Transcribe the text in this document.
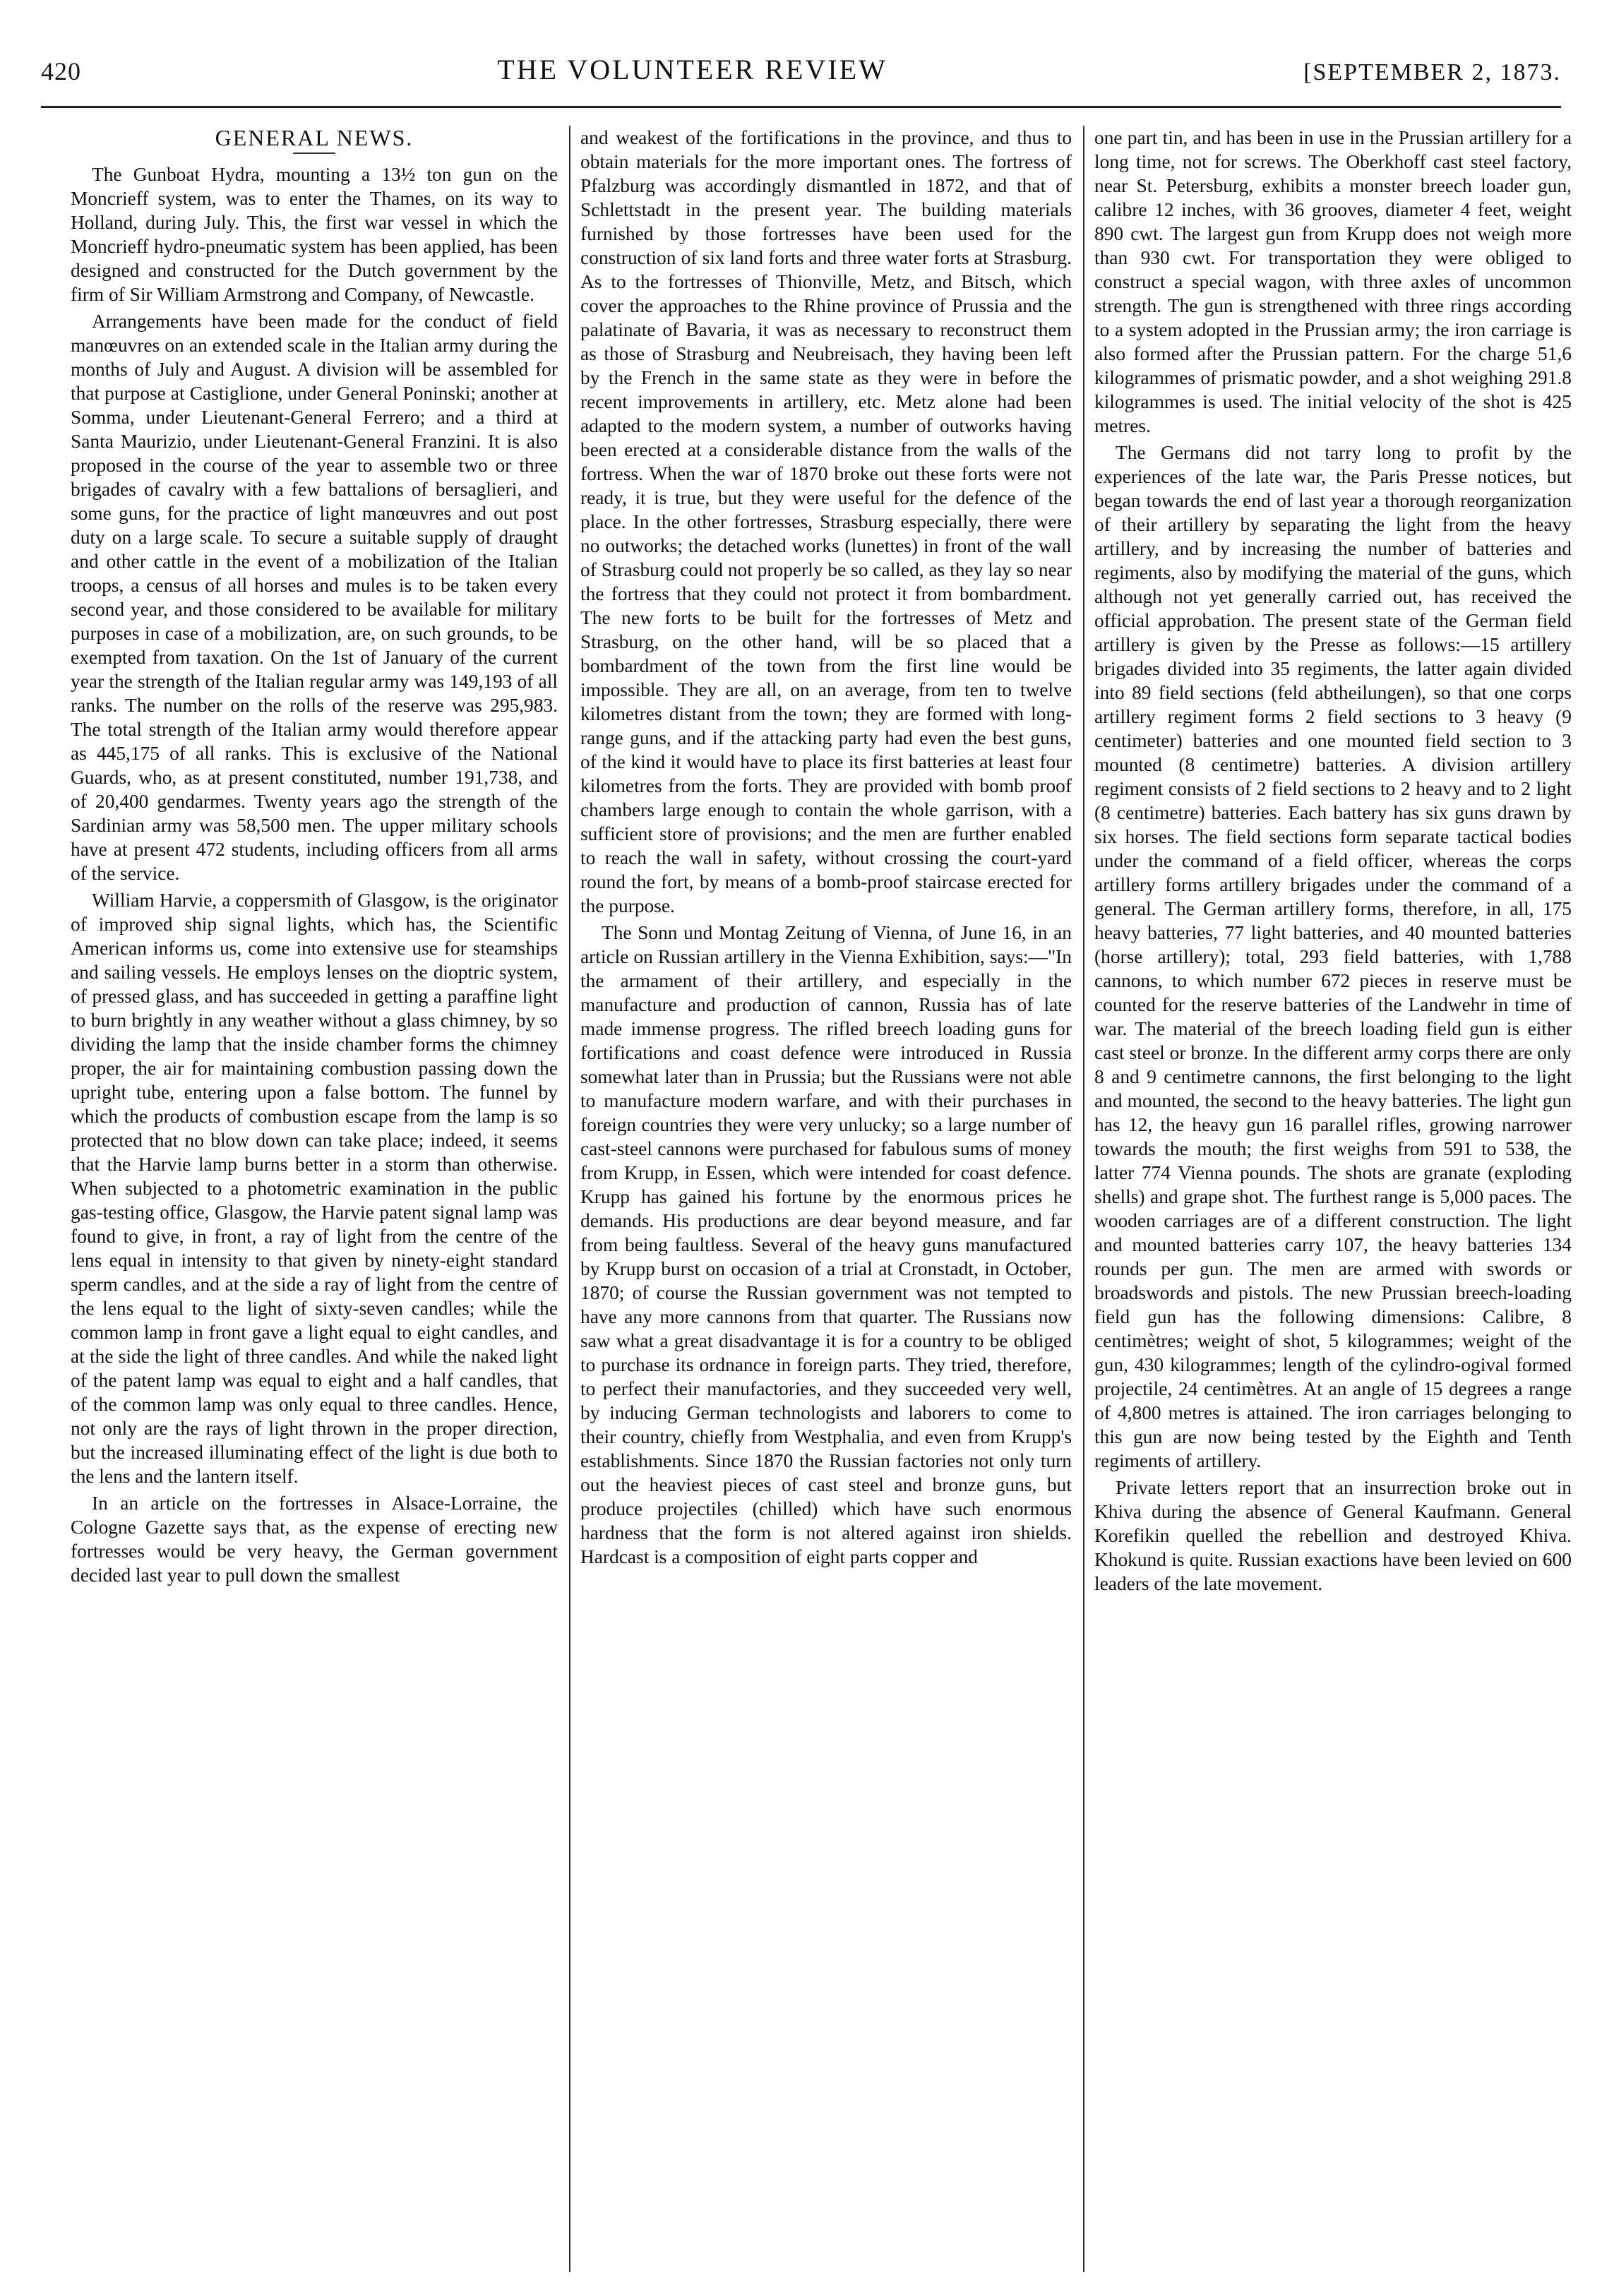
420	THE VOLUNTEER REVIEW	[SEPTEMBER 2, 1873.
GENERAL NEWS.

The Gunboat Hydra, mounting a 13½ ton gun on the Moncrieff system, was to enter the Thames, on its way to Holland, during July. This, the first war vessel in which the Moncrieff hydro-pneumatic system has been applied, has been designed and constructed for the Dutch government by the firm of Sir William Armstrong and Company, of Newcastle.

Arrangements have been made for the conduct of field manœuvres on an extended scale in the Italian army during the months of July and August. A division will be assembled for that purpose at Castiglione, under General Poninski; another at Somma, under Lieutenant-General Ferrero; and a third at Santa Maurizio, under Lieutenant-General Franzini. It is also proposed in the course of the year to assemble two or three brigades of cavalry with a few battalions of bersaglieri, and some guns, for the practice of light manœuvres and out post duty on a large scale. To secure a suitable supply of draught and other cattle in the event of a mobilization of the Italian troops, a census of all horses and mules is to be taken every second year, and those considered to be available for military purposes in case of a mobilization, are, on such grounds, to be exempted from taxation. On the 1st of January of the current year the strength of the Italian regular army was 149,193 of all ranks. The number on the rolls of the reserve was 295,983. The total strength of the Italian army would therefore appear as 445,175 of all ranks. This is exclusive of the National Guards, who, as at present constituted, number 191,738, and of 20,400 gendarmes. Twenty years ago the strength of the Sardinian army was 58,500 men. The upper military schools have at present 472 students, including officers from all arms of the service.

William Harvie, a coppersmith of Glasgow, is the originator of improved ship signal lights, which has, the Scientific American informs us, come into extensive use for steamships and sailing vessels. He employs lenses on the dioptric system, of pressed glass, and has succeeded in getting a paraffine light to burn brightly in any weather without a glass chimney, by so dividing the lamp that the inside chamber forms the chimney proper, the air for maintaining combustion passing down the upright tube, entering upon a false bottom. The funnel by which the products of combustion escape from the lamp is so protected that no blow down can take place; indeed, it seems that the Harvie lamp burns better in a storm than otherwise. When subjected to a photometric examination in the public gas-testing office, Glasgow, the Harvie patent signal lamp was found to give, in front, a ray of light from the centre of the lens equal in intensity to that given by ninety-eight standard sperm candles, and at the side a ray of light from the centre of the lens equal to the light of sixty-seven candles; while the common lamp in front gave a light equal to eight candles, and at the side the light of three candles. And while the naked light of the patent lamp was equal to eight and a half candles, that of the common lamp was only equal to three candles. Hence, not only are the rays of light thrown in the proper direction, but the increased illuminating effect of the light is due both to the lens and the lantern itself.

In an article on the fortresses in Alsace-Lorraine, the Cologne Gazette says that, as the expense of erecting new fortresses would be very heavy, the German government decided last year to pull down the smallest

and weakest of the fortifications in the province, and thus to obtain materials for the more important ones. The fortress of Pfalzburg was accordingly dismantled in 1872, and that of Schlettstadt in the present year. The building materials furnished by those fortresses have been used for the construction of six land forts and three water forts at Strasburg. As to the fortresses of Thionville, Metz, and Bitsch, which cover the approaches to the Rhine province of Prussia and the palatinate of Bavaria, it was as necessary to reconstruct them as those of Strasburg and Neubreisach, they having been left by the French in the same state as they were in before the recent improvements in artillery, etc. Metz alone had been adapted to the modern system, a number of outworks having been erected at a considerable distance from the walls of the fortress. When the war of 1870 broke out these forts were not ready, it is true, but they were useful for the defence of the place. In the other fortresses, Strasburg especially, there were no outworks; the detached works (lunettes) in front of the wall of Strasburg could not properly be so called, as they lay so near the fortress that they could not protect it from bombardment. The new forts to be built for the fortresses of Metz and Strasburg, on the other hand, will be so placed that a bombardment of the town from the first line would be impossible. They are all, on an average, from ten to twelve kilometres distant from the town; they are formed with long-range guns, and if the attacking party had even the best guns, of the kind it would have to place its first batteries at least four kilometres from the forts. They are provided with bomb proof chambers large enough to contain the whole garrison, with a sufficient store of provisions; and the men are further enabled to reach the wall in safety, without crossing the court-yard round the fort, by means of a bomb-proof staircase erected for the purpose.

The Sonn und Montag Zeitung of Vienna, of June 16, in an article on Russian artillery in the Vienna Exhibition, says:—"In the armament of their artillery, and especially in the manufacture and production of cannon, Russia has of late made immense progress. The rifled breech loading guns for fortifications and coast defence were introduced in Russia somewhat later than in Prussia; but the Russians were not able to manufacture modern warfare, and with their purchases in foreign countries they were very unlucky; so a large number of cast-steel cannons were purchased for fabulous sums of money from Krupp, in Essen, which were intended for coast defence. Krupp has gained his fortune by the enormous prices he demands. His productions are dear beyond measure, and far from being faultless. Several of the heavy guns manufactured by Krupp burst on occasion of a trial at Cronstadt, in October, 1870; of course the Russian government was not tempted to have any more cannons from that quarter. The Russians now saw what a great disadvantage it is for a country to be obliged to purchase its ordnance in foreign parts. They tried, therefore, to perfect their manufactories, and they succeeded very well, by inducing German technologists and laborers to come to their country, chiefly from Westphalia, and even from Krupp's establishments. Since 1870 the Russian factories not only turn out the heaviest pieces of cast steel and bronze guns, but produce projectiles (chilled) which have such enormous hardness that the form is not altered against iron shields. Hardcast is a composition of eight parts copper and

one part tin, and has been in use in the Prussian artillery for a long time, not for screws. The Oberkhoff cast steel factory, near St. Petersburg, exhibits a monster breech loader gun, calibre 12 inches, with 36 grooves, diameter 4 feet, weight 890 cwt. The largest gun from Krupp does not weigh more than 930 cwt. For transportation they were obliged to construct a special wagon, with three axles of uncommon strength. The gun is strengthened with three rings according to a system adopted in the Prussian army; the iron carriage is also formed after the Prussian pattern. For the charge 51,6 kilogrammes of prismatic powder, and a shot weighing 291.8 kilogrammes is used. The initial velocity of the shot is 425 metres.

The Germans did not tarry long to profit by the experiences of the late war, the Paris Presse notices, but began towards the end of last year a thorough reorganization of their artillery by separating the light from the heavy artillery, and by increasing the number of batteries and regiments, also by modifying the material of the guns, which although not yet generally carried out, has received the official approbation. The present state of the German field artillery is given by the Presse as follows:—15 artillery brigades divided into 35 regiments, the latter again divided into 89 field sections (feld abtheilungen), so that one corps artillery regiment forms 2 field sections to 3 heavy (9 centimeter) batteries and one mounted field section to 3 mounted (8 centimetre) batteries. A division artillery regiment consists of 2 field sections to 2 heavy and to 2 light (8 centimetre) batteries. Each battery has six guns drawn by six horses. The field sections form separate tactical bodies under the command of a field officer, whereas the corps artillery forms artillery brigades under the command of a general. The German artillery forms, therefore, in all, 175 heavy batteries, 77 light batteries, and 40 mounted batteries (horse artillery); total, 293 field batteries, with 1,788 cannons, to which number 672 pieces in reserve must be counted for the reserve batteries of the Landwehr in time of war. The material of the breech loading field gun is either cast steel or bronze. In the different army corps there are only 8 and 9 centimetre cannons, the first belonging to the light and mounted, the second to the heavy batteries. The light gun has 12, the heavy gun 16 parallel rifles, growing narrower towards the mouth; the first weighs from 591 to 538, the latter 774 Vienna pounds. The shots are granate (exploding shells) and grape shot. The furthest range is 5,000 paces. The wooden carriages are of a different construction. The light and mounted batteries carry 107, the heavy batteries 134 rounds per gun. The men are armed with swords or broadswords and pistols. The new Prussian breech-loading field gun has the following dimensions: Calibre, 8 centimètres; weight of shot, 5 kilogrammes; weight of the gun, 430 kilogrammes; length of the cylindro-ogival formed projectile, 24 centimètres. At an angle of 15 degrees a range of 4,800 metres is attained. The iron carriages belonging to this gun are now being tested by the Eighth and Tenth regiments of artillery.

Private letters report that an insurrection broke out in Khiva during the absence of General Kaufmann. General Korefikin quelled the rebellion and destroyed Khiva. Khokund is quite. Russian exactions have been levied on 600 leaders of the late movement.
